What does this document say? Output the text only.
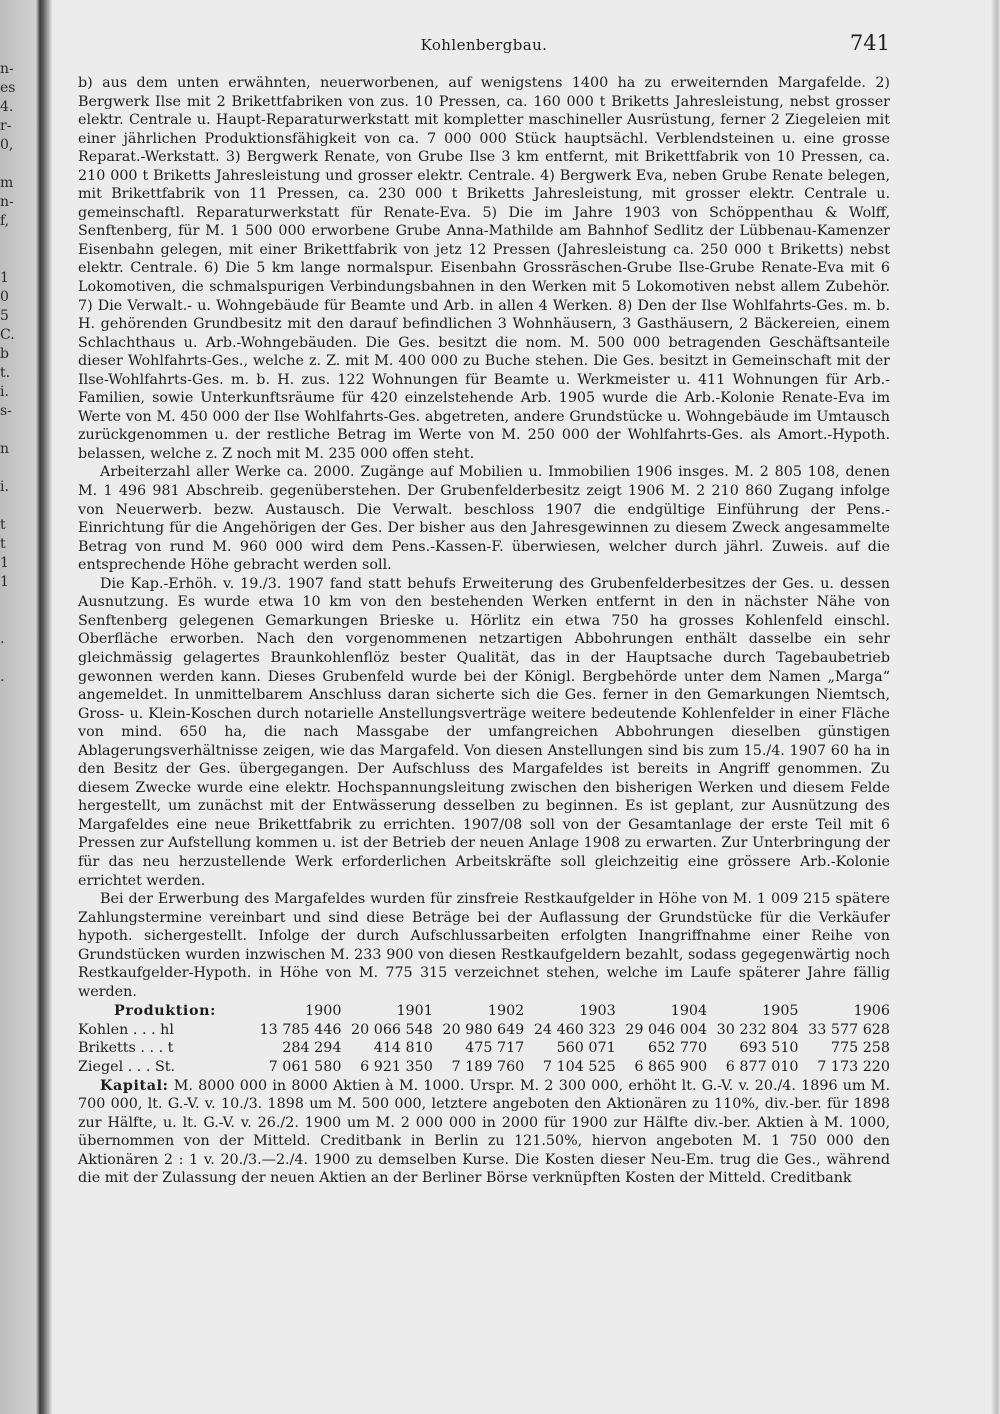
n-
es
4.
r-
0,
m
n-
f,
1
0
5
C.
b
t.
i.
s-
n
i.
t
t
1
1
.
.
Kohlenbergbau.	741

b) aus dem unten erwähnten, neuerworbenen, auf wenigstens 1400 ha zu erweiternden Margafelde. 2) Bergwerk Ilse mit 2 Brikettfabriken von zus. 10 Pressen, ca. 160 000 t Briketts Jahresleistung, nebst grosser elektr. Centrale u. Haupt-Reparaturwerkstatt mit kompletter maschineller Ausrüstung, ferner 2 Ziegeleien mit einer jährlichen Produktionsfähigkeit von ca. 7 000 000 Stück hauptsächl. Verblendsteinen u. eine grosse Reparat.-Werkstatt. 3) Bergwerk Renate, von Grube Ilse 3 km entfernt, mit Brikettfabrik von 10 Pressen, ca. 210 000 t Briketts Jahresleistung und grosser elektr. Centrale. 4) Bergwerk Eva, neben Grube Renate belegen, mit Brikettfabrik von 11 Pressen, ca. 230 000 t Briketts Jahresleistung, mit grosser elektr. Centrale u. gemeinschaftl. Reparaturwerkstatt für Renate-Eva. 5) Die im Jahre 1903 von Schöppenthau & Wolff, Senftenberg, für M. 1 500 000 erworbene Grube Anna-Mathilde am Bahnhof Sedlitz der Lübbenau-Kamenzer Eisenbahn gelegen, mit einer Brikettfabrik von jetz 12 Pressen (Jahresleistung ca. 250 000 t Briketts) nebst elektr. Centrale. 6) Die 5 km lange normalspur. Eisenbahn Grossräschen-Grube Ilse-Grube Renate-Eva mit 6 Lokomotiven, die schmalspurigen Verbindungsbahnen in den Werken mit 5 Lokomotiven nebst allem Zubehör. 7) Die Verwalt.- u. Wohngebäude für Beamte und Arb. in allen 4 Werken. 8) Den der Ilse Wohlfahrts-Ges. m. b. H. gehörenden Grundbesitz mit den darauf befindlichen 3 Wohnhäusern, 3 Gasthäusern, 2 Bäckereien, einem Schlachthaus u. Arb.-Wohngebäuden. Die Ges. besitzt die nom. M. 500 000 betragenden Geschäftsanteile dieser Wohlfahrts-Ges., welche z. Z. mit M. 400 000 zu Buche stehen. Die Ges. besitzt in Gemeinschaft mit der Ilse-Wohlfahrts-Ges. m. b. H. zus. 122 Wohnungen für Beamte u. Werkmeister u. 411 Wohnungen für Arb.-Familien, sowie Unterkunftsräume für 420 einzelstehende Arb. 1905 wurde die Arb.-Kolonie Renate-Eva im Werte von M. 450 000 der Ilse Wohlfahrts-Ges. abgetreten, andere Grundstücke u. Wohngebäude im Umtausch zurückgenommen u. der restliche Betrag im Werte von M. 250 000 der Wohlfahrts-Ges. als Amort.-Hypoth. belassen, welche z. Z noch mit M. 235 000 offen steht.

Arbeiterzahl aller Werke ca. 2000. Zugänge auf Mobilien u. Immobilien 1906 insges. M. 2 805 108, denen M. 1 496 981 Abschreib. gegenüberstehen. Der Grubenfelderbesitz zeigt 1906 M. 2 210 860 Zugang infolge von Neuerwerb. bezw. Austausch. Die Verwalt. beschloss 1907 die endgültige Einführung der Pens.-Einrichtung für die Angehörigen der Ges. Der bisher aus den Jahresgewinnen zu diesem Zweck angesammelte Betrag von rund M. 960 000 wird dem Pens.-Kassen-F. überwiesen, welcher durch jährl. Zuweis. auf die entsprechende Höhe gebracht werden soll.

Die Kap.-Erhöh. v. 19./3. 1907 fand statt behufs Erweiterung des Grubenfelderbesitzes der Ges. u. dessen Ausnutzung. Es wurde etwa 10 km von den bestehenden Werken entfernt in den in nächster Nähe von Senftenberg gelegenen Gemarkungen Brieske u. Hörlitz ein etwa 750 ha grosses Kohlenfeld einschl. Oberfläche erworben. Nach den vorgenommenen netzartigen Abbohrungen enthält dasselbe ein sehr gleichmässig gelagertes Braunkohlenflöz bester Qualität, das in der Hauptsache durch Tagebaubetrieb gewonnen werden kann. Dieses Grubenfeld wurde bei der Königl. Bergbehörde unter dem Namen „Marga“ angemeldet. In unmittelbarem Anschluss daran sicherte sich die Ges. ferner in den Gemarkungen Niemtsch, Gross- u. Klein-Koschen durch notarielle Anstellungsverträge weitere bedeutende Kohlenfelder in einer Fläche von mind. 650 ha, die nach Massgabe der umfangreichen Abbohrungen dieselben günstigen Ablagerungsverhältnisse zeigen, wie das Margafeld. Von diesen Anstellungen sind bis zum 15./4. 1907 60 ha in den Besitz der Ges. übergegangen. Der Aufschluss des Margafeldes ist bereits in Angriff genommen. Zu diesem Zwecke wurde eine elektr. Hochspannungsleitung zwischen den bisherigen Werken und diesem Felde hergestellt, um zunächst mit der Entwässerung desselben zu beginnen. Es ist geplant, zur Ausnützung des Margafeldes eine neue Brikettfabrik zu errichten. 1907/08 soll von der Gesamtanlage der erste Teil mit 6 Pressen zur Aufstellung kommen u. ist der Betrieb der neuen Anlage 1908 zu erwarten. Zur Unterbringung der für das neu herzustellende Werk erforderlichen Arbeitskräfte soll gleichzeitig eine grössere Arb.-Kolonie errichtet werden.

Bei der Erwerbung des Margafeldes wurden für zinsfreie Restkaufgelder in Höhe von M. 1 009 215 spätere Zahlungstermine vereinbart und sind diese Beträge bei der Auflassung der Grundstücke für die Verkäufer hypoth. sichergestellt. Infolge der durch Aufschlussarbeiten erfolgten Inangriffnahme einer Reihe von Grundstücken wurden inzwischen M. 233 900 von diesen Restkaufgeldern bezahlt, sodass gegegenwärtig noch Restkaufgelder-Hypoth. in Höhe von M. 775 315 verzeichnet stehen, welche im Laufe späterer Jahre fällig werden.

Produktion:	1900	1901	1902	1903	1904	1905	1906
Kohlen . . . hl	13 785 446	20 066 548	20 980 649	24 460 323	29 046 004	30 232 804	33 577 628
Briketts . . . t	284 294	414 810	475 717	560 071	652 770	693 510	775 258
Ziegel . . . St.	7 061 580	6 921 350	7 189 760	7 104 525	6 865 900	6 877 010	7 173 220

Kapital: M. 8000 000 in 8000 Aktien à M. 1000. Urspr. M. 2 300 000, erhöht lt. G.-V. v. 20./4. 1896 um M. 700 000, lt. G.-V. v. 10./3. 1898 um M. 500 000, letztere angeboten den Aktionären zu 110%, div.-ber. für 1898 zur Hälfte, u. lt. G.-V. v. 26./2. 1900 um M. 2 000 000 in 2000 für 1900 zur Hälfte div.-ber. Aktien à M. 1000, übernommen von der Mitteld. Creditbank in Berlin zu 121.50%, hiervon angeboten M. 1 750 000 den Aktionären 2 : 1 v. 20./3.—2./4. 1900 zu demselben Kurse. Die Kosten dieser Neu-Em. trug die Ges., während die mit der Zulassung der neuen Aktien an der Berliner Börse verknüpften Kosten der Mitteld. Creditbank
